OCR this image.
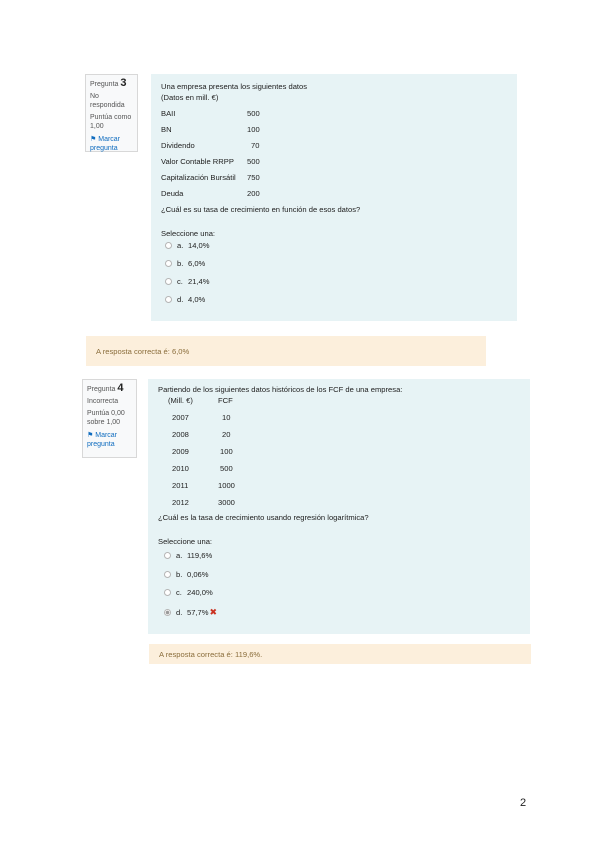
Pregunta 3
No respondida
Puntúa como 1,00
⚑ Marcar pregunta
Una empresa presenta los siguientes datos
(Datos en mill. €)
BAII	500
BN	100
Dividendo	70
Valor Contable RRPP 500
Capitalización Bursátil 750
Deuda	200
¿Cuál es su tasa de crecimiento en función de esos datos?
Seleccione una:
a. 14,0%
b. 6,0%
c. 21,4%
d. 4,0%
A resposta correcta é: 6,0%
Pregunta 4
Incorrecta
Puntúa 0,00 sobre 1,00
⚑ Marcar pregunta
Partiendo de los siguientes datos históricos de los FCF de una empresa:
(Mill. €)	FCF
2007	10
2008	20
2009	100
2010	500
2011	1000
2012	3000
¿Cuál es la tasa de crecimiento usando regresión logarítmica?
Seleccione una:
a. 119,6%
b. 0,06%
c. 240,0%
d. 57,7% ✖
A resposta correcta é: 119,6%.
2
